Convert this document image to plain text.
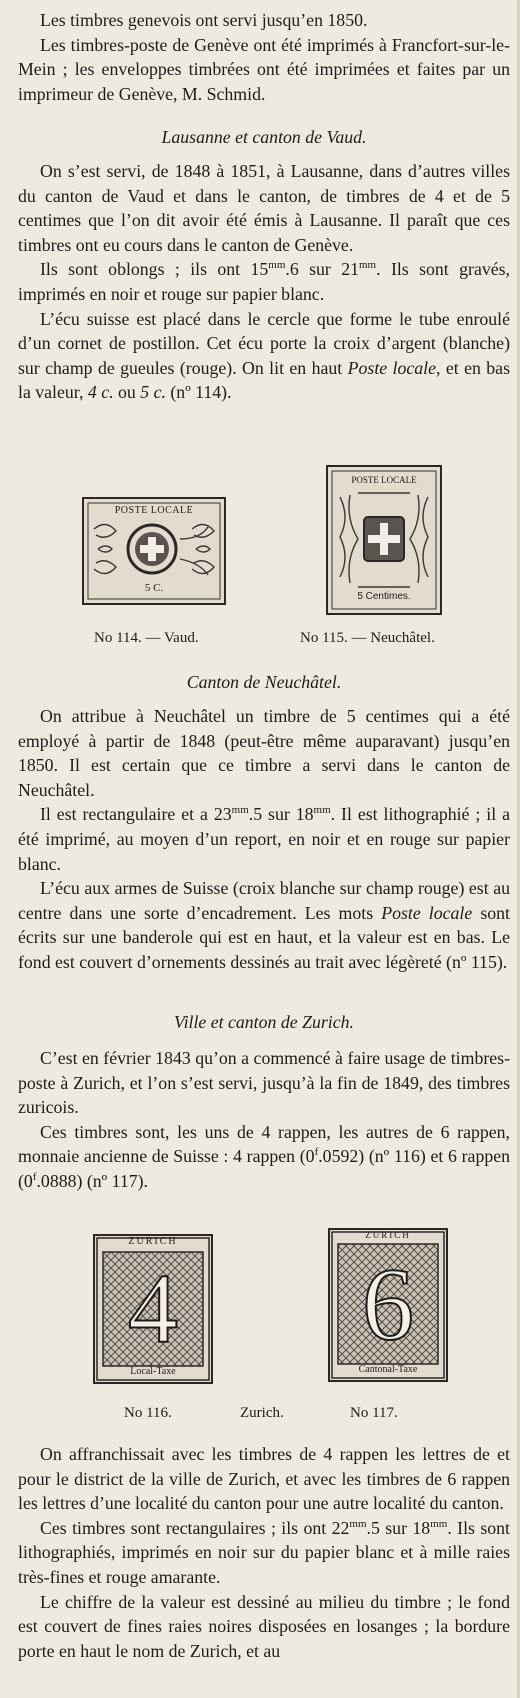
Les timbres genevois ont servi jusqu’en 1850.

Les timbres-poste de Genève ont été imprimés à Francfort-sur-le-Mein ; les enveloppes timbrées ont été imprimées et faites par un imprimeur de Genève, M. Schmid.

Lausanne et canton de Vaud.

On s’est servi, de 1848 à 1851, à Lausanne, dans d’autres villes du canton de Vaud et dans le canton, de timbres de 4 et de 5 centimes que l’on dit avoir été émis à Lausanne. Il paraît que ces timbres ont eu cours dans le canton de Genève.

Ils sont oblongs ; ils ont $15^{mm}.6$ sur $21^{mm}$. Ils sont gravés, imprimés en noir et rouge sur papier blanc.

L’écu suisse est placé dans le cercle que forme le tube enroulé d’un cornet de postillon. Cet écu porte la croix d’argent (blanche) sur champ de gueules (rouge). On lit en haut Poste locale, et en bas la valeur, 4 c. ou 5 c. (nº 114).

POSTE LOCALE
5 C.
POSTE LOCALE
5 Centimes.
No 114. — Vaud.	No 115. — Neuchâtel.
Canton de Neuchâtel.

On attribue à Neuchâtel un timbre de 5 centimes qui a été employé à partir de 1848 (peut-être même auparavant) jusqu’en 1850. Il est certain que ce timbre a servi dans le canton de Neuchâtel.

Il est rectangulaire et a $23^{mm}.5$ sur $18^{mm}$. Il est lithographié ; il a été imprimé, au moyen d’un report, en noir et en rouge sur papier blanc.

L’écu aux armes de Suisse (croix blanche sur champ rouge) est au centre dans une sorte d’encadrement. Les mots Poste locale sont écrits sur une banderole qui est en haut, et la valeur est en bas. Le fond est couvert d’ornements dessinés au trait avec légèreté (nº 115).

Ville et canton de Zurich.

C’est en février 1843 qu’on a commencé à faire usage de timbres-poste à Zurich, et l’on s’est servi, jusqu’à la fin de 1849, des timbres zuricois.

Ces timbres sont, les uns de 4 rappen, les autres de 6 rappen, monnaie ancienne de Suisse : 4 rappen (0$^f$.0592) (nº 116) et 6 rappen (0$^f$.0888) (nº 117).

ZURICH
4
Local-Taxe
ZURICH
6
Cantonal-Taxe
No 116.	Zurich.	No 117.

On affranchissait avec les timbres de 4 rappen les lettres de et pour le district de la ville de Zurich, et avec les timbres de 6 rappen les lettres d’une localité du canton pour une autre localité du canton.

Ces timbres sont rectangulaires ; ils ont $22^{mm}.5$ sur $18^{mm}$. Ils sont lithographiés, imprimés en noir sur du papier blanc et à mille raies très-fines et rouge amarante.

Le chiffre de la valeur est dessiné au milieu du timbre ; le fond est couvert de fines raies noires disposées en losanges ; la bordure porte en haut le nom de Zurich, et au
